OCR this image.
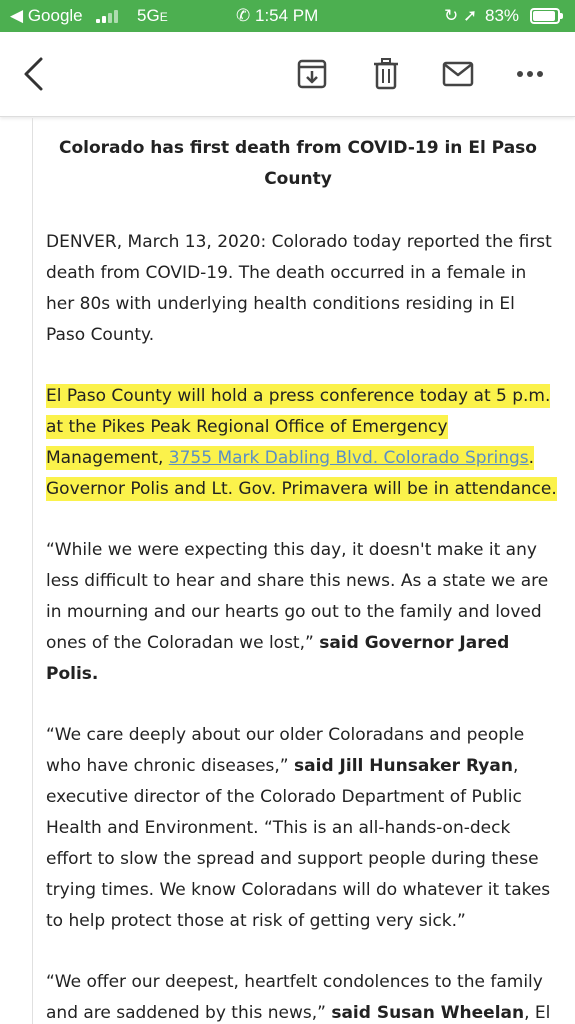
◀ Google	5GE	✆ 1:54 PM	↻ ➚ 83%
Colorado has first death from COVID-19 in El Paso County

DENVER, March 13, 2020: Colorado today reported the first death from COVID-19. The death occurred in a female in her 80s with underlying health conditions residing in El Paso County.

El Paso County will hold a press conference today at 5 p.m. at the Pikes Peak Regional Office of Emergency Management, 3755 Mark Dabling Blvd. Colorado Springs. Governor Polis and Lt. Gov. Primavera will be in attendance.

“While we were expecting this day, it doesn't make it any less difficult to hear and share this news. As a state we are in mourning and our hearts go out to the family and loved ones of the Coloradan we lost,” said Governor Jared Polis.

“We care deeply about our older Coloradans and people who have chronic diseases,” said Jill Hunsaker Ryan, executive director of the Colorado Department of Public Health and Environment. “This is an all-hands-on-deck effort to slow the spread and support people during these trying times. We know Coloradans will do whatever it takes to help protect those at risk of getting very sick.”

“We offer our deepest, heartfelt condolences to the family and are saddened by this news,” said Susan Wheelan, El
